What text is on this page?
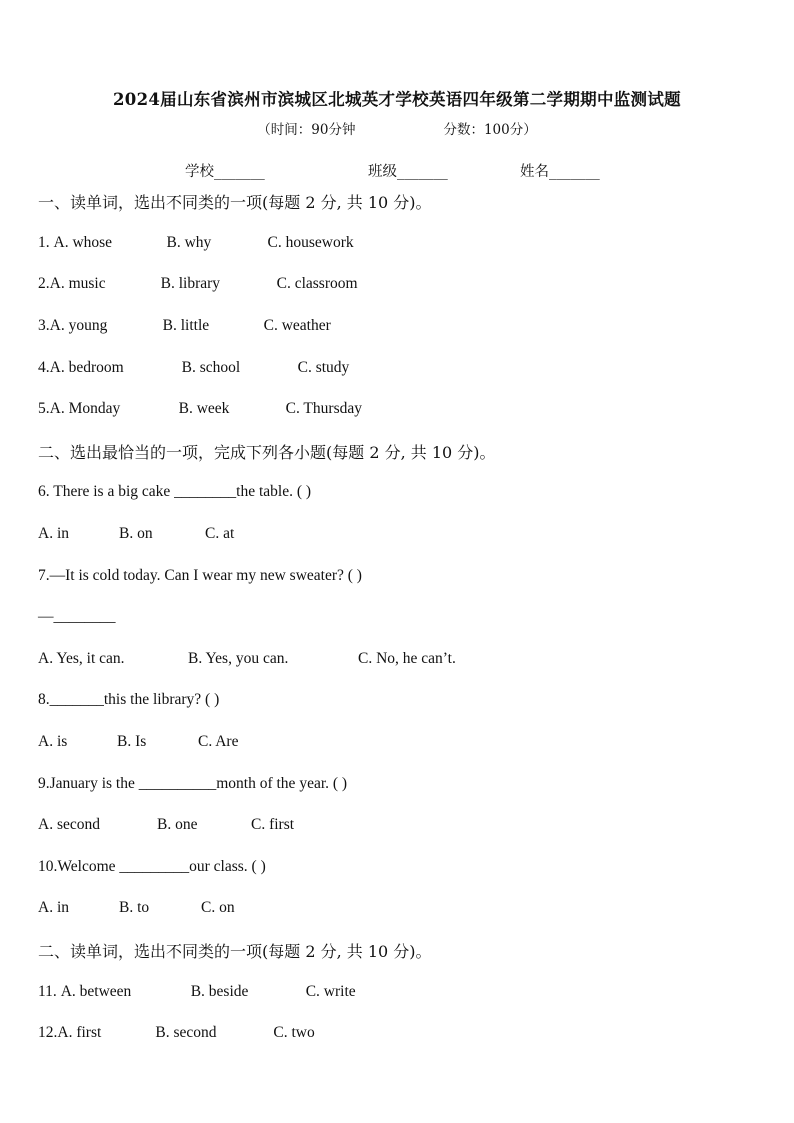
2024届山东省滨州市滨城区北城英才学校英语四年级第二学期期中监测试题
（时间：90分钟	分数：100分）
学校_______	班级_______	姓名_______
一、读单词，选出不同类的一项(每题 2 分, 共 10 分)。
1. A. whose	B. why	C. housework
2.A. music	B. library	C. classroom
3.A. young	B. little	C. weather
4.A. bedroom	B. school	C. study
5.A. Monday	B. week	C. Thursday
二、选出最恰当的一项，完成下列各小题(每题 2 分, 共 10 分)。
6. There is a big cake ________the table. ( )
A. in	B. on	C. at
7.—It is cold today. Can I wear my new sweater? ( )
—________
A. Yes, it can.	B. Yes, you can.	C. No, he can’t.
8._______this the library? ( )
A. is	B. Is	C. Are
9.January is the __________month of the year. ( )
A. second	B. one	C. first
10.Welcome _________our class. ( )
A. in	B. to	C. on
二、读单词，选出不同类的一项(每题 2 分, 共 10 分)。
11. A. between	B. beside	C. write
12.A. first	B. second	C. two
